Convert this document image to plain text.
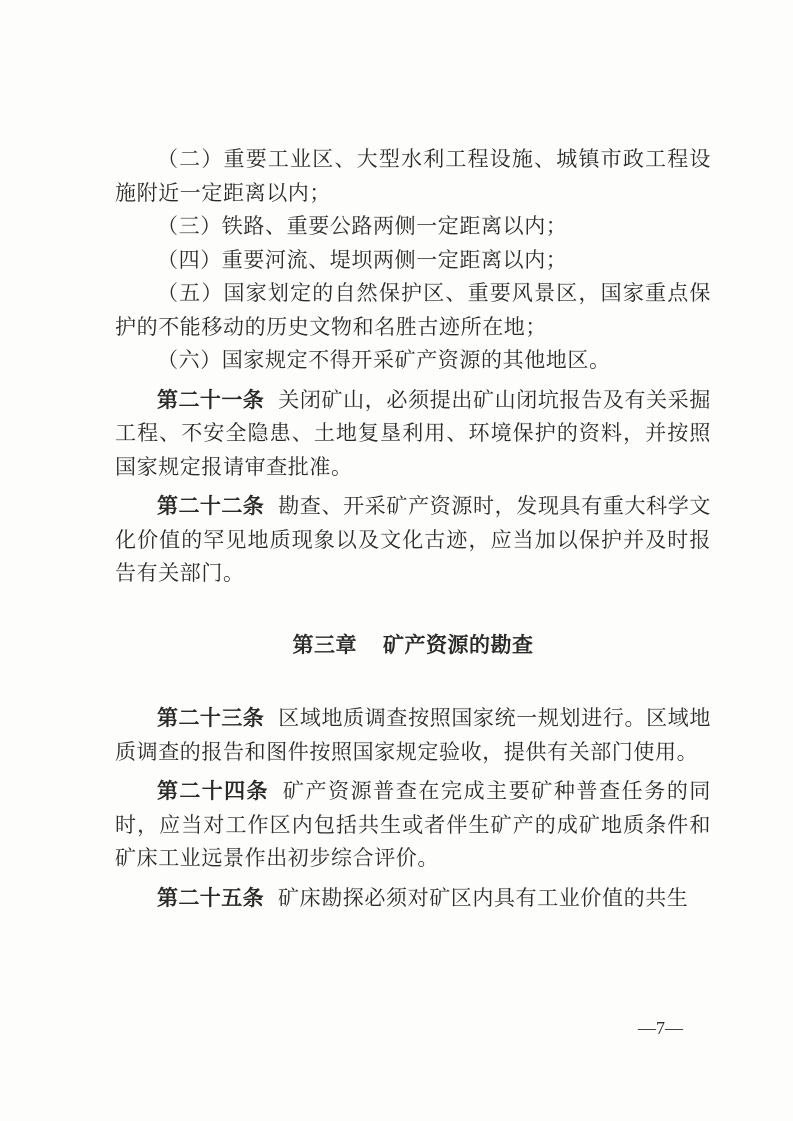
（二）重要工业区、大型水利工程设施、城镇市政工程设施附近一定距离以内；

（三）铁路、重要公路两侧一定距离以内；

（四）重要河流、堤坝两侧一定距离以内；

（五）国家划定的自然保护区、重要风景区，国家重点保护的不能移动的历史文物和名胜古迹所在地；

（六）国家规定不得开采矿产资源的其他地区。

第二十一条 关闭矿山，必须提出矿山闭坑报告及有关采掘工程、不安全隐患、土地复垦利用、环境保护的资料，并按照国家规定报请审查批准。

第二十二条 勘查、开采矿产资源时，发现具有重大科学文化价值的罕见地质现象以及文化古迹，应当加以保护并及时报告有关部门。

第三章 矿产资源的勘查

第二十三条 区域地质调查按照国家统一规划进行。区域地质调查的报告和图件按照国家规定验收，提供有关部门使用。

第二十四条 矿产资源普查在完成主要矿种普查任务的同时，应当对工作区内包括共生或者伴生矿产的成矿地质条件和矿床工业远景作出初步综合评价。

第二十五条 矿床勘探必须对矿区内具有工业价值的共生

—7—
